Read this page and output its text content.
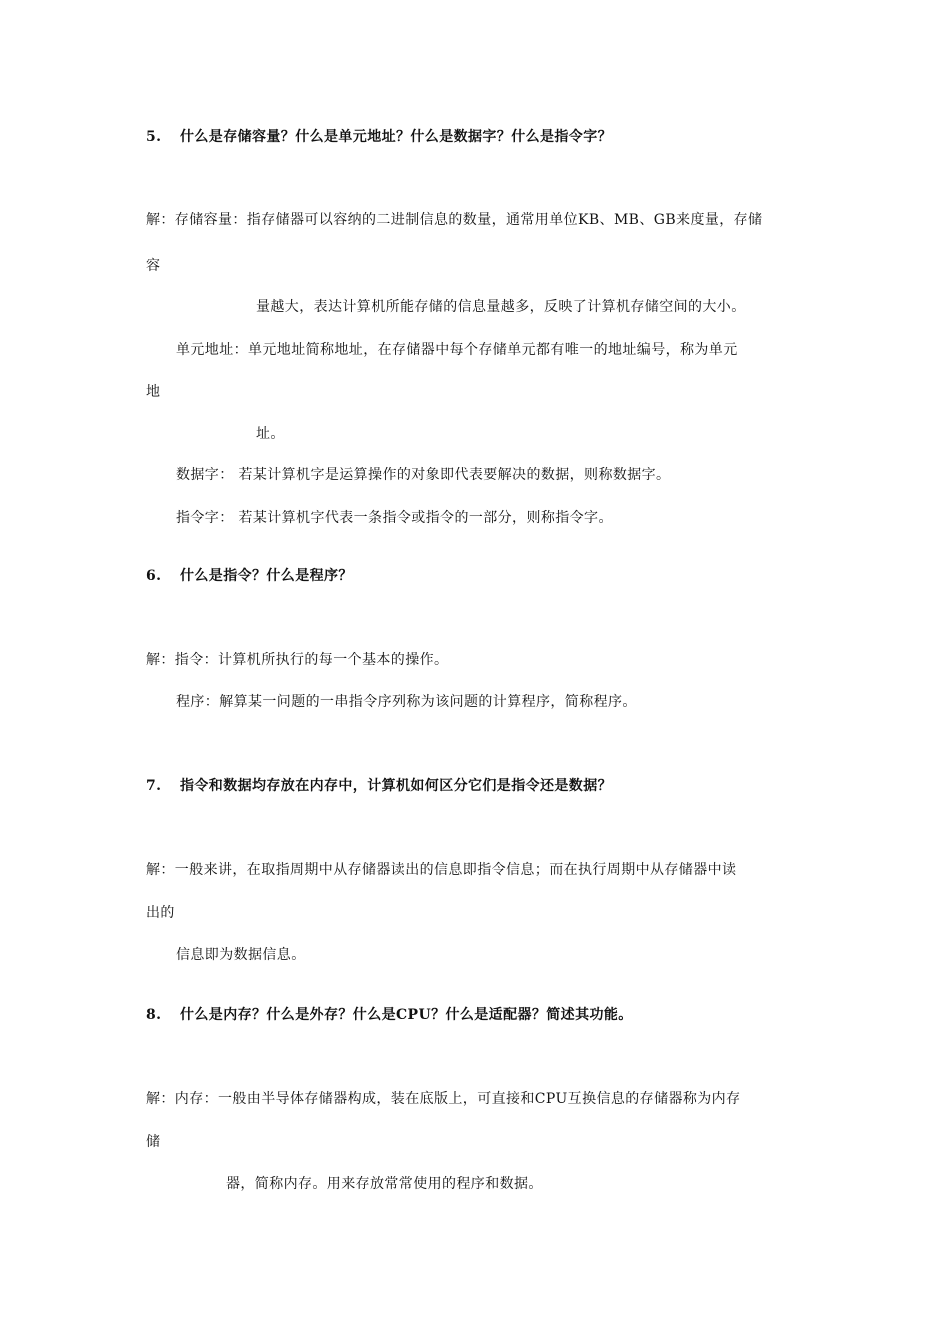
5. 什么是存储容量？什么是单元地址？什么是数据字？什么是指令字？
解：存储容量：指存储器可以容纳的二进制信息的数量，通常用单位KB、MB、GB来度量，存储
容
量越大，表达计算机所能存储的信息量越多，反映了计算机存储空间的大小。
单元地址：单元地址简称地址，在存储器中每个存储单元都有唯一的地址编号，称为单元
地
址。
数据字： 若某计算机字是运算操作的对象即代表要解决的数据，则称数据字。
指令字： 若某计算机字代表一条指令或指令的一部分，则称指令字。
6. 什么是指令？什么是程序？
解：指令：计算机所执行的每一个基本的操作。
程序：解算某一问题的一串指令序列称为该问题的计算程序，简称程序。
7. 指令和数据均存放在内存中，计算机如何区分它们是指令还是数据？
解：一般来讲，在取指周期中从存储器读出的信息即指令信息；而在执行周期中从存储器中读
出的
信息即为数据信息。
8. 什么是内存？什么是外存？什么是CPU？什么是适配器？简述其功能。
解：内存：一般由半导体存储器构成，装在底版上，可直接和CPU互换信息的存储器称为内存
储
器，简称内存。用来存放常常使用的程序和数据。
